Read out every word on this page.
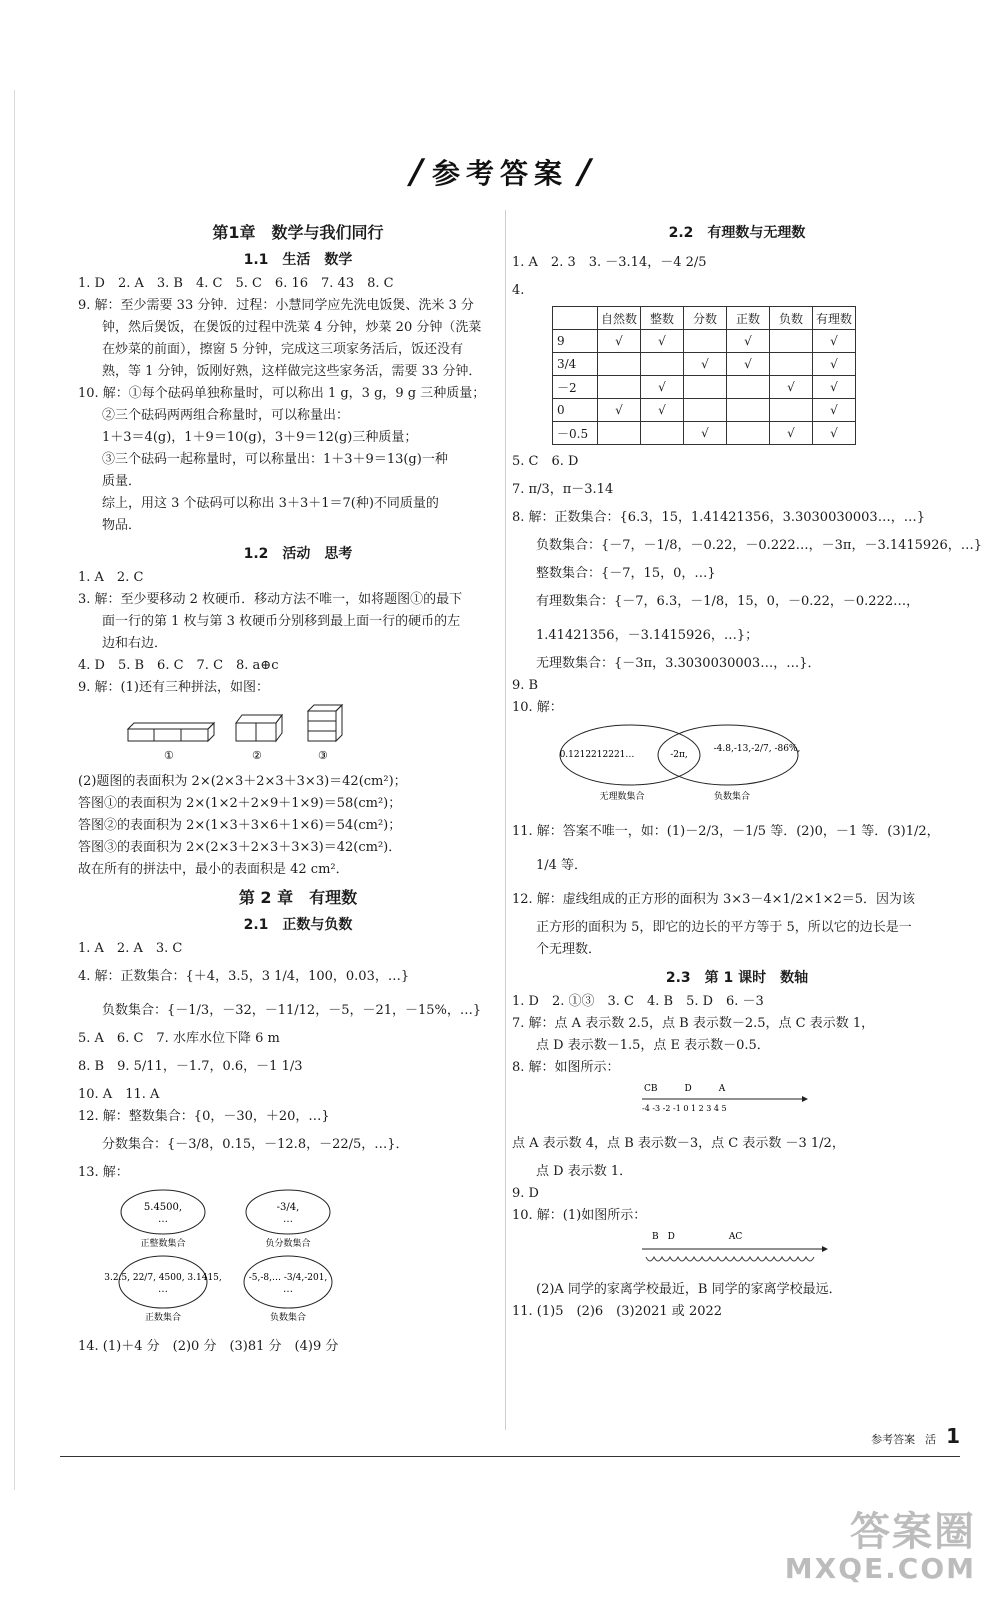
/ 参考答案 /
第1章　数学与我们同行
1.1　生活　数学

1. D　2. A　3. B　4. C　5. C　6. 16　7. 43　8. C

9. 解：至少需要 33 分钟．过程：小慧同学应先洗电饭煲、洗米 3 分

钟，然后煲饭，在煲饭的过程中洗菜 4 分钟，炒菜 20 分钟（洗菜

在炒菜的前面），擦窗 5 分钟，完成这三项家务活后，饭还没有

熟，等 1 分钟，饭刚好熟，这样做完这些家务活，需要 33 分钟．

10. 解：①每个砝码单独称量时，可以称出 1 g，3 g，9 g 三种质量；

②三个砝码两两组合称量时，可以称量出：

1＋3＝4(g)，1＋9＝10(g)，3＋9＝12(g)三种质量；

③三个砝码一起称量时，可以称量出：1＋3＋9＝13(g)一种

质量．

综上，用这 3 个砝码可以称出 3＋3＋1＝7(种)不同质量的

物品．

1.2　活动　思考

1. A　2. C

3. 解：至少要移动 2 枚硬币．移动方法不唯一，如将题图①的最下

面一行的第 1 枚与第 3 枚硬币分别移到最上面一行的硬币的左

边和右边．

4. D　5. B　6. C　7. C　8. a⊕c

9. 解：(1)还有三种拼法，如图：

①	②	③

(2)题图的表面积为 2×(2×3＋2×3＋3×3)＝42(cm²)；

答图①的表面积为 2×(1×2＋2×9＋1×9)＝58(cm²)；

答图②的表面积为 2×(1×3＋3×6＋1×6)＝54(cm²)；

答图③的表面积为 2×(2×3＋2×3＋3×3)＝42(cm²)．

故在所有的拼法中，最小的表面积是 42 cm²．

第 2 章　有理数
2.1　正数与负数

1. A　2. A　3. C

4. 解：正数集合：{＋4，3.5，3 1/4，100，0.03，…}

负数集合：{－1/3，－32，－11/12，－5，－21，－15%，…}

5. A　6. C　7. 水库水位下降 6 m

8. B　9. 5/11，－1.7，0.6，－1 1/3

10. A　11. A

12. 解：整数集合：{0，－30，＋20，…}

分数集合：{－3/8，0.15，－12.8，－22/5，…}．

13. 解：

5.4500,
…
正整数集合
-3/4,
…
负分数集合
3.2.5, 22/7, 4500, 3.1415,
…
正数集合
-5,-8,… -3/4,-201,
…
负数集合

14. (1)＋4 分　(2)0 分　(3)81 分　(4)9 分

2.2　有理数与无理数

1. A　2. 3　3. －3.14，－4 2/5

4.

	自然数	整数	分数	正数	负数	有理数
9	√	√		√		√
3/4			√	√		√
－2		√			√	√
0	√	√				√
－0.5			√		√	√

5. C　6. D

7. π/3，π－3.14

8. 解：正数集合：{6.3，15，1.41421356，3.3030030003…，…}

负数集合：{－7，－1/8，－0.22，－0.222…，－3π，－3.1415926，…}

整数集合：{－7，15，0，…}

有理数集合：{－7，6.3，－1/8，15，0，－0.22，－0.222…，

1.41421356，－3.1415926，…}；

无理数集合：{－3π，3.3030030003…，…}．

9. B

10. 解：

0.1212212221…	-2π,
-4.8,-13,-2/7, -86%,
无理数集合	负数集合

11. 解：答案不唯一，如：(1)－2/3，－1/5 等．(2)0，－1 等．(3)1/2，

1/4 等．

12. 解：虚线组成的正方形的面积为 3×3－4×1/2×1×2＝5．因为该

正方形的面积为 5，即它的边长的平方等于 5，所以它的边长是一

个无理数．

2.3　第 1 课时　数轴

1. D　2. ①③　3. C　4. B　5. D　6. －3

7. 解：点 A 表示数 2.5，点 B 表示数－2.5，点 C 表示数 1，

点 D 表示数－1.5，点 E 表示数－0.5．

8. 解：如图所示：

CB　　　D　　　A
-4 -3 -2 -1 0 1 2 3 4 5

点 A 表示数 4，点 B 表示数－3，点 C 表示数 －3 1/2，

点 D 表示数 1．

9. D

10. 解：(1)如图所示：

B　D　　　　　　AC

(2)A 同学的家离学校最近，B 同学的家离学校最远．

11. (1)5　(2)6　(3)2021 或 2022

参考答案 活 1
答案圈
MXQE.COM
